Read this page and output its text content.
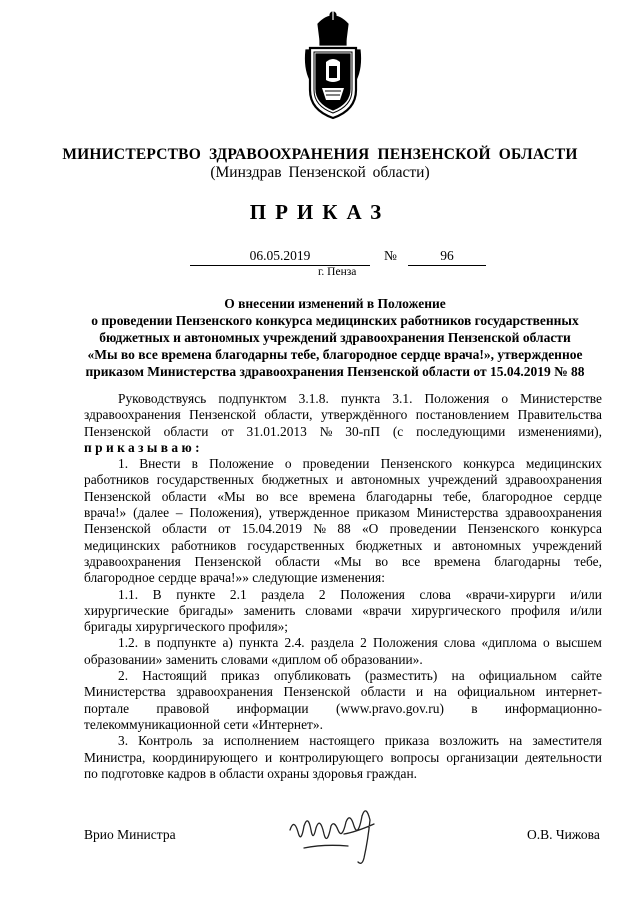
МИНИСТЕРСТВО ЗДРАВООХРАНЕНИЯ ПЕНЗЕНСКОЙ ОБЛАСТИ
(Минздрав Пензенской области)
ПРИКАЗ
06.05.2019	№	96
г. Пенза
О внесении изменений в Положение
о проведении Пензенского конкурса медицинских работников государственных
бюджетных и автономных учреждений здравоохранения Пензенской области
«Мы во все времена благодарны тебе, благородное сердце врача!», утвержденное
приказом Министерства здравоохранения Пензенской области от 15.04.2019 № 88
Руководствуясь подпунктом 3.1.8. пункта 3.1. Положения о Министерстве
здравоохранения Пензенской области, утверждённого постановлением Правительства
Пензенской области от 31.01.2013 № 30-пП (с последующими изменениями),
приказываю:
1. Внести в Положение о проведении Пензенского конкурса медицинских
работников государственных бюджетных и автономных учреждений здравоохранения
Пензенской области «Мы во все времена благодарны тебе, благородное сердце
врача!» (далее – Положения), утвержденное приказом Министерства здравоохранения
Пензенской области от 15.04.2019 № 88 «О проведении Пензенского конкурса
медицинских работников государственных бюджетных и автономных учреждений
здравоохранения Пензенской области «Мы во все времена благодарны тебе,
благородное сердце врача!»» следующие изменения:
1.1. В пункте 2.1 раздела 2 Положения слова «врачи-хирурги и/или
хирургические бригады» заменить словами «врачи хирургического профиля и/или
бригады хирургического профиля»;
1.2. в подпункте а) пункта 2.4. раздела 2 Положения слова «диплома о высшем
образовании» заменить словами «диплом об образовании».
2. Настоящий приказ опубликовать (разместить) на официальном сайте
Министерства здравоохранения Пензенской области и на официальном интернет-
портале правовой информации (www.pravo.gov.ru) в информационно-
телекоммуникационной сети «Интернет».
3. Контроль за исполнением настоящего приказа возложить на заместителя
Министра, координирующего и контролирующего вопросы организации деятельности
по подготовке кадров в области охраны здоровья граждан.
Врио Министра	О.В. Чижова
